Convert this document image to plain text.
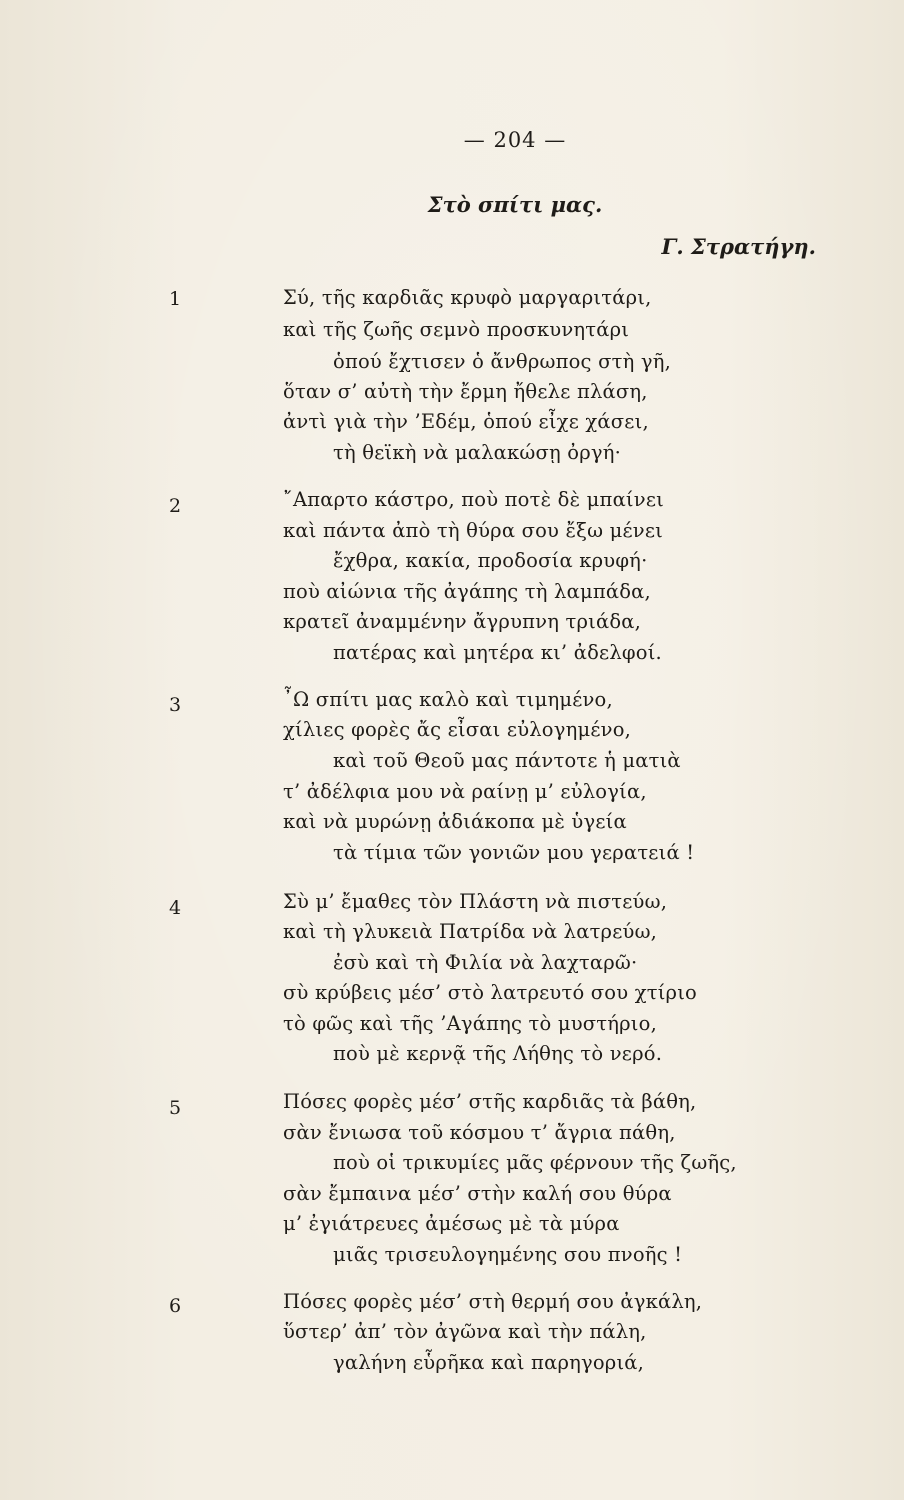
— 204 —
Στὸ σπίτι μας.
Γ. Στρατήγη.
1	Σύ, τῆς καρδιᾶς κρυφὸ μαργαριτάρι,
καὶ τῆς ζωῆς σεμνὸ προσκυνητάρι
ὁπού ἔχτισεν ὁ ἄνθρωπος στὴ γῆ,
ὅταν σ’ αὐτὴ τὴν ἔρμη ἤθελε πλάση,
ἀντὶ γιὰ τὴν ’Εδέμ, ὁπού εἶχε χάσει,
τὴ θεϊκὴ νὰ μαλακώσῃ ὀργή·
2	῎Απαρτο κάστρο, ποὺ ποτὲ δὲ μπαίνει
καὶ πάντα ἀπὸ τὴ θύρα σου ἔξω μένει
ἔχθρα, κακία, προδοσία κρυφή·
ποὺ αἰώνια τῆς ἀγάπης τὴ λαμπάδα,
κρατεῖ ἀναμμένην ἄγρυπνη τριάδα,
πατέρας καὶ μητέρα κι’ ἀδελφοί.
3	῏Ω σπίτι μας καλὸ καὶ τιμημένο,
χίλιες φορὲς ἄς εἶσαι εὐλογημένο,
καὶ τοῦ Θεοῦ μας πάντοτε ἡ ματιὰ
τ’ ἀδέλφια μου νὰ ραίνῃ μ’ εὐλογία,
καὶ νὰ μυρώνῃ ἀδιάκοπα μὲ ὑγεία
τὰ τίμια τῶν γονιῶν μου γερατειά !
4	Σὺ μ’ ἔμαθες τὸν Πλάστη νὰ πιστεύω,
καὶ τὴ γλυκειὰ Πατρίδα νὰ λατρεύω,
ἐσὺ καὶ τὴ Φιλία νὰ λαχταρῶ·
σὺ κρύβεις μέσ’ στὸ λατρευτό σου χτίριο
τὸ φῶς καὶ τῆς ’Αγάπης τὸ μυστήριο,
ποὺ μὲ κερνᾷ τῆς Λήθης τὸ νερό.
5	Πόσες φορὲς μέσ’ στῆς καρδιᾶς τὰ βάθη,
σὰν ἔνιωσα τοῦ κόσμου τ’ ἄγρια πάθη,
ποὺ οἱ τρικυμίες μᾶς φέρνουν τῆς ζωῆς,
σὰν ἔμπαινα μέσ’ στὴν καλή σου θύρα
μ’ ἐγιάτρευες ἀμέσως μὲ τὰ μύρα
μιᾶς τρισευλογημένης σου πνοῆς !
6	Πόσες φορὲς μέσ’ στὴ θερμή σου ἀγκάλη,
ὕστερ’ ἀπ’ τὸν ἀγῶνα καὶ τὴν πάλη,
γαλήνη εὗρῆκα καὶ παρηγοριά,
